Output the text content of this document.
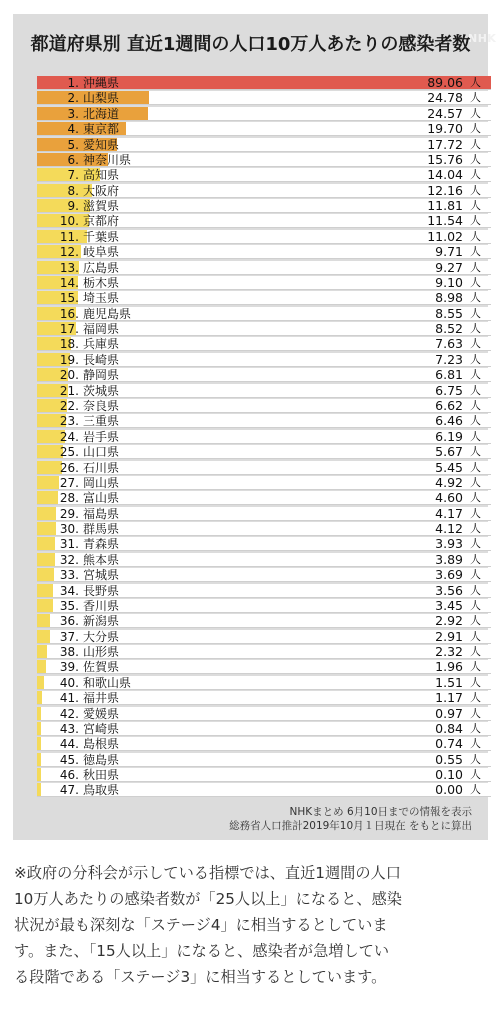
NHK
都道府県別 直近1週間の人口10万人あたりの感染者数
1. 沖縄県	89.06 人
2. 山梨県	24.78 人
3. 北海道	24.57 人
4. 東京都	19.70 人
5. 愛知県	17.72 人
6. 神奈川県	15.76 人
7. 高知県	14.04 人
8. 大阪府	12.16 人
9. 滋賀県	11.81 人
10. 京都府	11.54 人
11. 千葉県	11.02 人
12. 岐阜県	9.71 人
13. 広島県	9.27 人
14. 栃木県	9.10 人
15. 埼玉県	8.98 人
16. 鹿児島県	8.55 人
17. 福岡県	8.52 人
18. 兵庫県	7.63 人
19. 長崎県	7.23 人
20. 静岡県	6.81 人
21. 茨城県	6.75 人
22. 奈良県	6.62 人
23. 三重県	6.46 人
24. 岩手県	6.19 人
25. 山口県	5.67 人
26. 石川県	5.45 人
27. 岡山県	4.92 人
28. 富山県	4.60 人
29. 福島県	4.17 人
30. 群馬県	4.12 人
31. 青森県	3.93 人
32. 熊本県	3.89 人
33. 宮城県	3.69 人
34. 長野県	3.56 人
35. 香川県	3.45 人
36. 新潟県	2.92 人
37. 大分県	2.91 人
38. 山形県	2.32 人
39. 佐賀県	1.96 人
40. 和歌山県	1.51 人
41. 福井県	1.17 人
42. 愛媛県	0.97 人
43. 宮崎県	0.84 人
44. 島根県	0.74 人
45. 徳島県	0.55 人
46. 秋田県	0.10 人
47. 鳥取県	0.00 人
NHKまとめ 6月10日までの情報を表示
総務省人口推計2019年10月１日現在 をもとに算出
※政府の分科会が示している指標では、直近1週間の人口
10万人あたりの感染者数が「25人以上」になると、感染
状況が最も深刻な「ステージ4」に相当するとしていま
す。また、「15人以上」になると、感染者が急増してい
る段階である「ステージ3」に相当するとしています。
